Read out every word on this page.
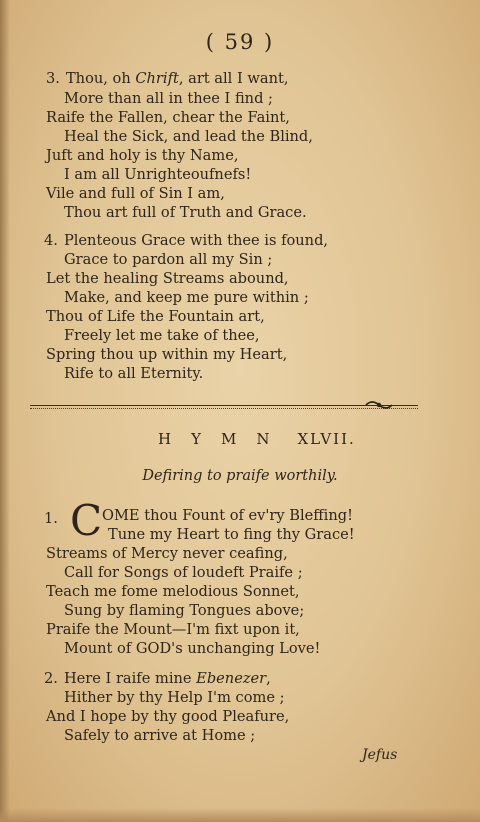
( 59 )
3. Thou, oh Chrift, art all I want,
More than all in thee I find ;
Raife the Fallen, chear the Faint,
Heal the Sick, and lead the Blind,
Juft and holy is thy Name,
I am all Unrighteoufnefs!
Vile and full of Sin I am,
Thou art full of Truth and Grace.
4. Plenteous Grace with thee is found,
Grace to pardon all my Sin ;
Let the healing Streams abound,
Make, and keep me pure within ;
Thou of Life the Fountain art,
Freely let me take of thee,
Spring thou up within my Heart,
Rife to all Eternity.
HYMN XLVII.
Defiring to praife worthily.
1. C OME thou Fount of ev'ry Bleffing!
Tune my Heart to fing thy Grace!
Streams of Mercy never ceafing,
Call for Songs of loudeft Praife ;
Teach me fome melodious Sonnet,
Sung by flaming Tongues above;
Praife the Mount—I'm fixt upon it,
Mount of GOD's unchanging Love!
2. Here I raife mine Ebenezer,
Hither by thy Help I'm come ;
And I hope by thy good Pleafure,
Safely to arrive at Home ;
Jefus
